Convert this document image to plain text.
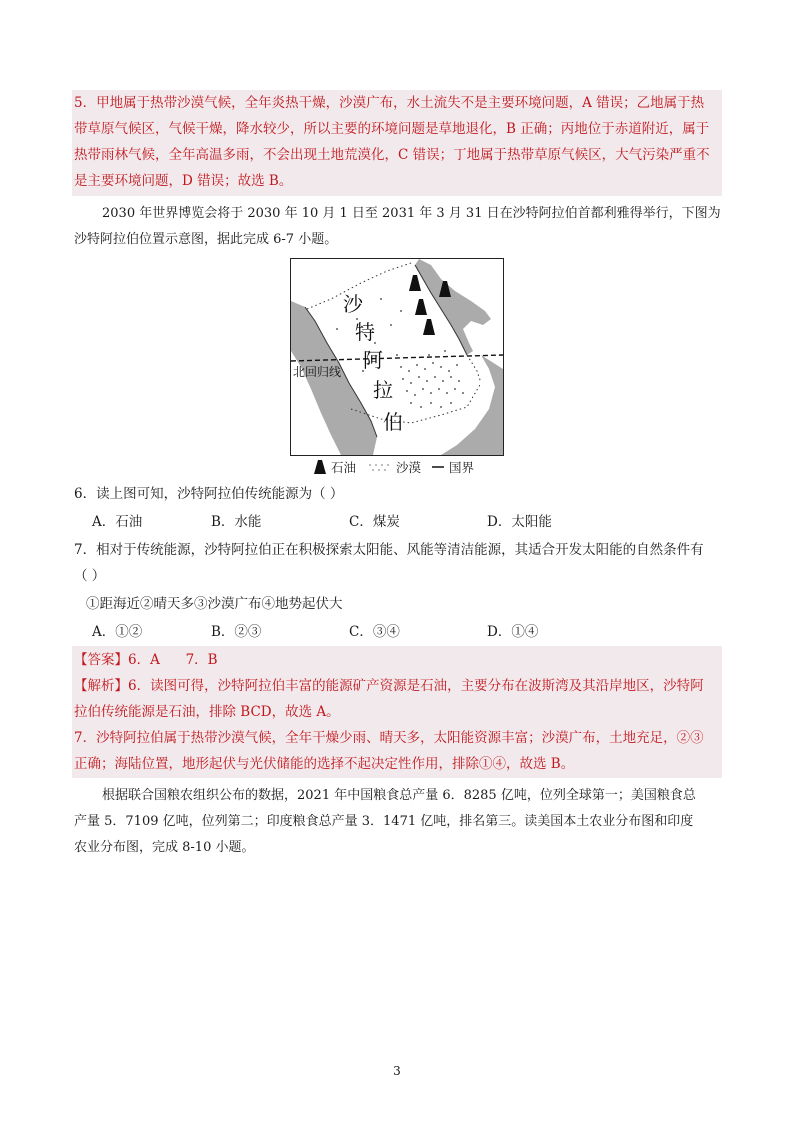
5．甲地属于热带沙漠气候，全年炎热干燥，沙漠广布，水土流失不是主要环境问题，A 错误；乙地属于热
带草原气候区，气候干燥，降水较少，所以主要的环境问题是草地退化，B 正确；丙地位于赤道附近，属于
热带雨林气候，全年高温多雨，不会出现土地荒漠化，C 错误；丁地属于热带草原气候区，大气污染严重不
是主要环境问题，D 错误；故选 B。
2030 年世界博览会将于 2030 年 10 月 1 日至 2031 年 3 月 31 日在沙特阿拉伯首都利雅得举行，下图为
沙特阿拉伯位置示意图，据此完成 6-7 小题。
沙
特
阿
拉
伯
北回归线
石油	沙漠 国界
6．读上图可知，沙特阿拉伯传统能源为（ ）
A．石油	B．水能	C．煤炭	D．太阳能
7．相对于传统能源，沙特阿拉伯正在积极探索太阳能、风能等清洁能源，其适合开发太阳能的自然条件有
（ ）
①距海近②晴天多③沙漠广布④地势起伏大
A．①②	B．②③	C．③④	D．①④
【答案】6．A      7．B
【解析】6．读图可得，沙特阿拉伯丰富的能源矿产资源是石油，主要分布在波斯湾及其沿岸地区，沙特阿
拉伯传统能源是石油，排除 BCD，故选 A。
7．沙特阿拉伯属于热带沙漠气候，全年干燥少雨、晴天多，太阳能资源丰富；沙漠广布，土地充足，②③
正确；海陆位置，地形起伏与光伏储能的选择不起决定性作用，排除①④，故选 B。
根据联合国粮农组织公布的数据，2021 年中国粮食总产量 6．8285 亿吨，位列全球第一；美国粮食总
产量 5．7109 亿吨，位列第二；印度粮食总产量 3．1471 亿吨，排名第三。读美国本土农业分布图和印度
农业分布图，完成 8-10 小题。
3
